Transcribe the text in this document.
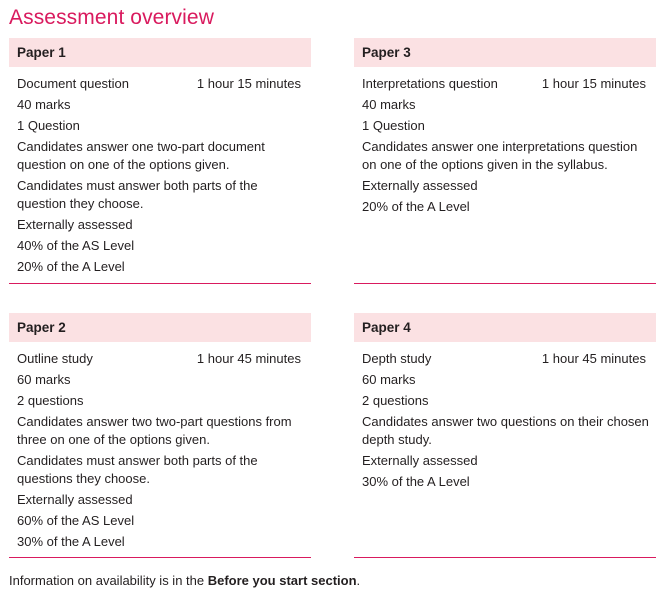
Assessment overview
Paper 1
Document question	1 hour 15 minutes
40 marks
1 Question
Candidates answer one two-part document question on one of the options given.
Candidates must answer both parts of the question they choose.
Externally assessed
40% of the AS Level
20% of the A Level
Paper 3
Interpretations question	1 hour 15 minutes
40 marks
1 Question
Candidates answer one interpretations question on one of the options given in the syllabus.
Externally assessed
20% of the A Level
Paper 2
Outline study	1 hour 45 minutes
60 marks
2 questions
Candidates answer two two-part questions from three on one of the options given.
Candidates must answer both parts of the questions they choose.
Externally assessed
60% of the AS Level
30% of the A Level
Paper 4
Depth study	1 hour 45 minutes
60 marks
2 questions
Candidates answer two questions on their chosen depth study.
Externally assessed
30% of the A Level
Information on availability is in the Before you start section.
